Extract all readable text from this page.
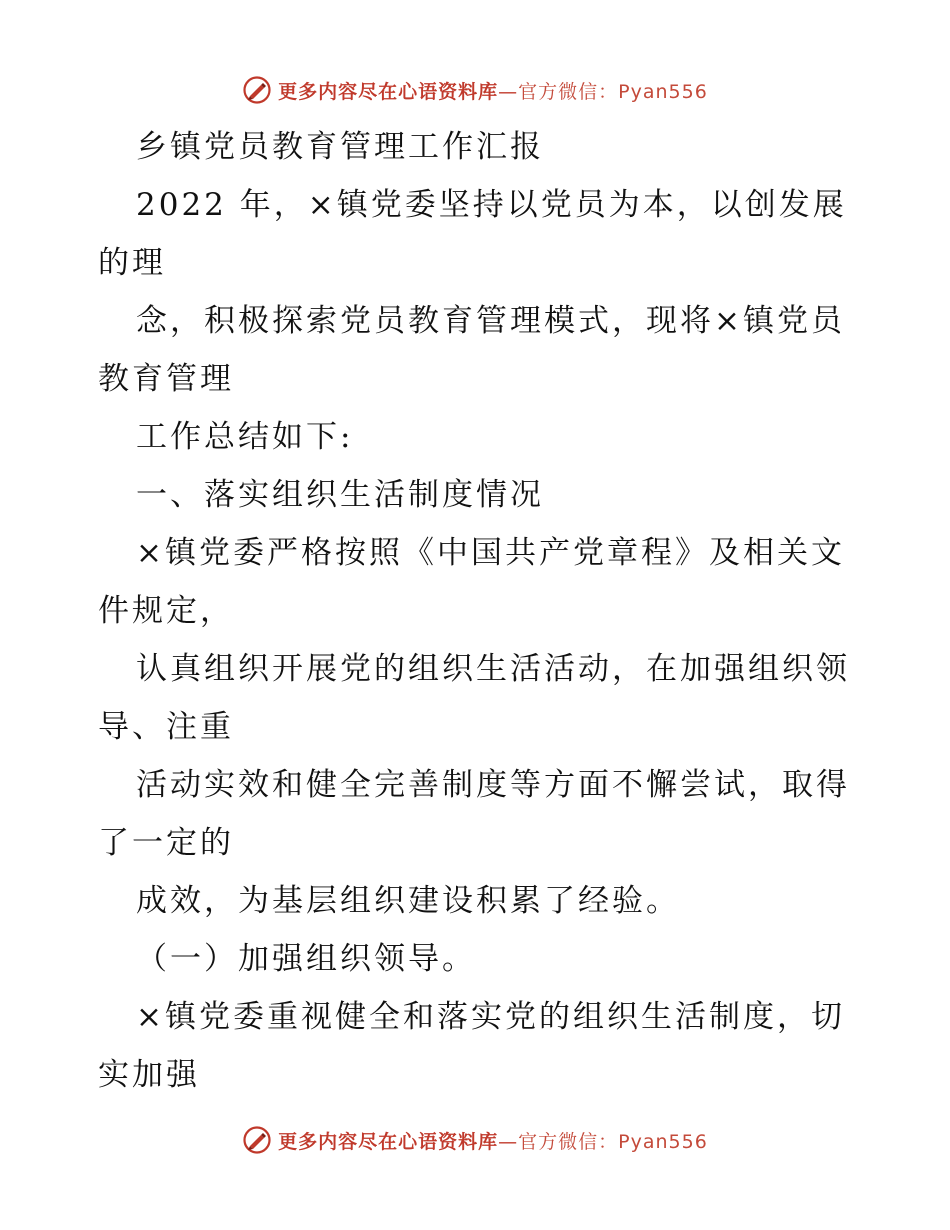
更多内容尽在心语资料库—官方微信：Pyan556
乡镇党员教育管理工作汇报
2022 年，×镇党委坚持以党员为本，以创发展
的理
念，积极探索党员教育管理模式，现将×镇党员
教育管理
工作总结如下:
一、落实组织生活制度情况
×镇党委严格按照《中国共产党章程》及相关文
件规定，
认真组织开展党的组织生活活动，在加强组织领
导、注重
活动实效和健全完善制度等方面不懈尝试，取得
了一定的
成效，为基层组织建设积累了经验。
（一）加强组织领导。
×镇党委重视健全和落实党的组织生活制度，切
实加强
更多内容尽在心语资料库—官方微信：Pyan556
